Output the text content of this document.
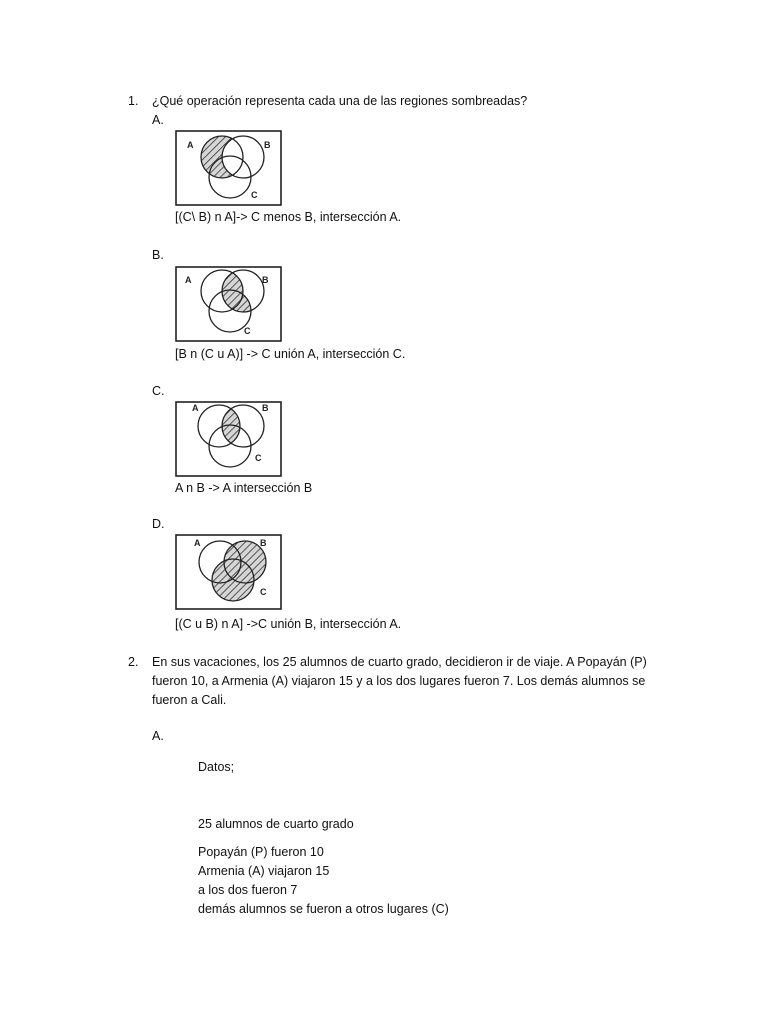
1. ¿Qué operación representa cada una de las regiones sombreadas?
A.
A	B
C
[(C\ B) n A]-> C menos B, intersección A.
B.
A	B
C
[B n (C u A)] -> C unión A, intersección C.
C.
A	B
C
A n B -> A intersección B
D.
A	B
C
[(C u B) n A] ->C unión B, intersección A.
2. En sus vacaciones, los 25 alumnos de cuarto grado, decidieron ir de viaje. A Popayán (P)
fueron 10, a Armenia (A) viajaron 15 y a los dos lugares fueron 7. Los demás alumnos se
fueron a Cali.
A.
Datos;
25 alumnos de cuarto grado
Popayán (P) fueron 10
Armenia (A) viajaron 15
a los dos fueron 7
demás alumnos se fueron a otros lugares (C)
